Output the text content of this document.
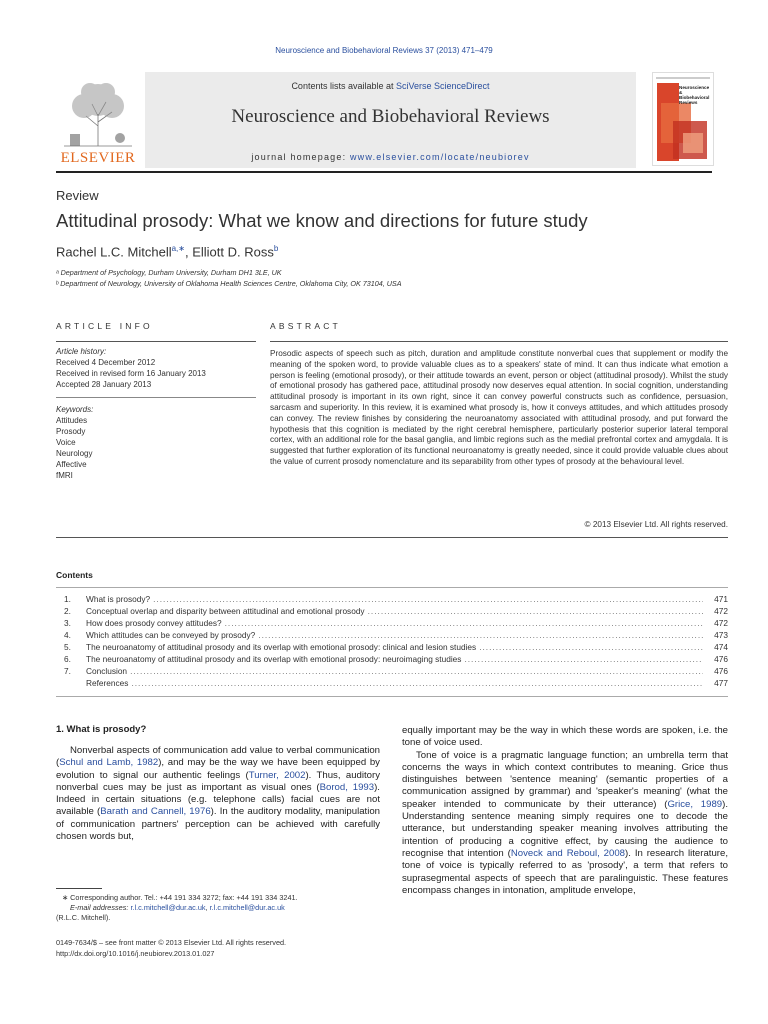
Neuroscience and Biobehavioral Reviews 37 (2013) 471–479
ELSEVIER
Contents lists available at SciVerse ScienceDirect
Neuroscience and Biobehavioral Reviews
journal homepage: www.elsevier.com/locate/neubiorev
Neuroscience & Biobehavioral Reviews
Review
Attitudinal prosody: What we know and directions for future study
Rachel L.C. Mitchell$^{a,∗}$, Elliott D. Ross$^b$
ᵃ Department of Psychology, Durham University, Durham DH1 3LE, UK
ᵇ Department of Neurology, University of Oklahoma Health Sciences Centre, Oklahoma City, OK 73104, USA
ARTICLE INFO	ABSTRACT
Article history:
Received 4 December 2012
Received in revised form 16 January 2013
Accepted 28 January 2013
Keywords:
Attitudes
Prosody
Voice
Neurology
Affective
fMRI
Prosodic aspects of speech such as pitch, duration and amplitude constitute nonverbal cues that supplement or modify the meaning of the spoken word, to provide valuable clues as to a speakers' state of mind. It can thus indicate what emotion a person is feeling (emotional prosody), or their attitude towards an event, person or object (attitudinal prosody). Whilst the study of emotional prosody has gathered pace, attitudinal prosody now deserves equal attention. In social cognition, understanding attitudinal prosody is important in its own right, since it can convey powerful constructs such as confidence, persuasion, sarcasm and superiority. In this review, it is examined what prosody is, how it conveys attitudes, and which attitudes prosody can convey. The review finishes by considering the neuroanatomy associated with attitudinal prosody, and put forward the hypothesis that this cognition is mediated by the right cerebral hemisphere, particularly posterior superior lateral temporal cortex, with an additional role for the basal ganglia, and limbic regions such as the medial prefrontal cortex and amygdala. It is suggested that further exploration of its functional neuroanatomy is greatly needed, since it could provide valuable clues about the value of current prosody nomenclature and its separability from other types of prosody at the behavioural level.
© 2013 Elsevier Ltd. All rights reserved.
Contents
1.	What is prosody? .....	471
2.	Conceptual overlap and disparity between attitudinal and emotional prosody .....	472
3.	How does prosody convey attitudes? .....	472
4.	Which attitudes can be conveyed by prosody? .....	473
5.	The neuroanatomy of attitudinal prosody and its overlap with emotional prosody: clinical and lesion studies .....	474
6.	The neuroanatomy of attitudinal prosody and its overlap with emotional prosody: neuroimaging studies .....	476
7.	Conclusion .....	476
References .....	477
1. What is prosody?
Nonverbal aspects of communication add value to verbal communication (Schul and Lamb, 1982), and may be the way we have been equipped by evolution to signal our authentic feelings (Turner, 2002). Thus, auditory nonverbal cues may be just as important as visual ones (Borod, 1993). Indeed in certain situations (e.g. telephone calls) facial cues are not available (Barath and Cannell, 1976). In the auditory modality, manipulation of communication partners' perception can be achieved with carefully chosen words but,
equally important may be the way in which these words are spoken, i.e. the tone of voice used.
Tone of voice is a pragmatic language function; an umbrella term that concerns the ways in which context contributes to meaning. Grice thus distinguishes between 'sentence meaning' (semantic properties of a communication assigned by grammar) and 'speaker's meaning' (what the speaker intended to communicate by their utterance) (Grice, 1989). Understanding sentence meaning simply requires one to decode the utterance, but understanding speaker meaning involves attributing the intention of producing a cognitive effect, by causing the audience to recognise that intention (Noveck and Reboul, 2008). In research literature, tone of voice is typically referred to as 'prosody', a term that refers to suprasegmental aspects of speech that are paralinguistic. These features encompass changes in intonation, amplitude envelope,
∗ Corresponding author. Tel.: +44 191 334 3272; fax: +44 191 334 3241.
E-mail addresses: r.l.c.mitchell@dur.ac.uk, r.l.c.mitchell@dur.ac.uk
(R.L.C. Mitchell).
0149-7634/$ – see front matter © 2013 Elsevier Ltd. All rights reserved.
http://dx.doi.org/10.1016/j.neubiorev.2013.01.027
